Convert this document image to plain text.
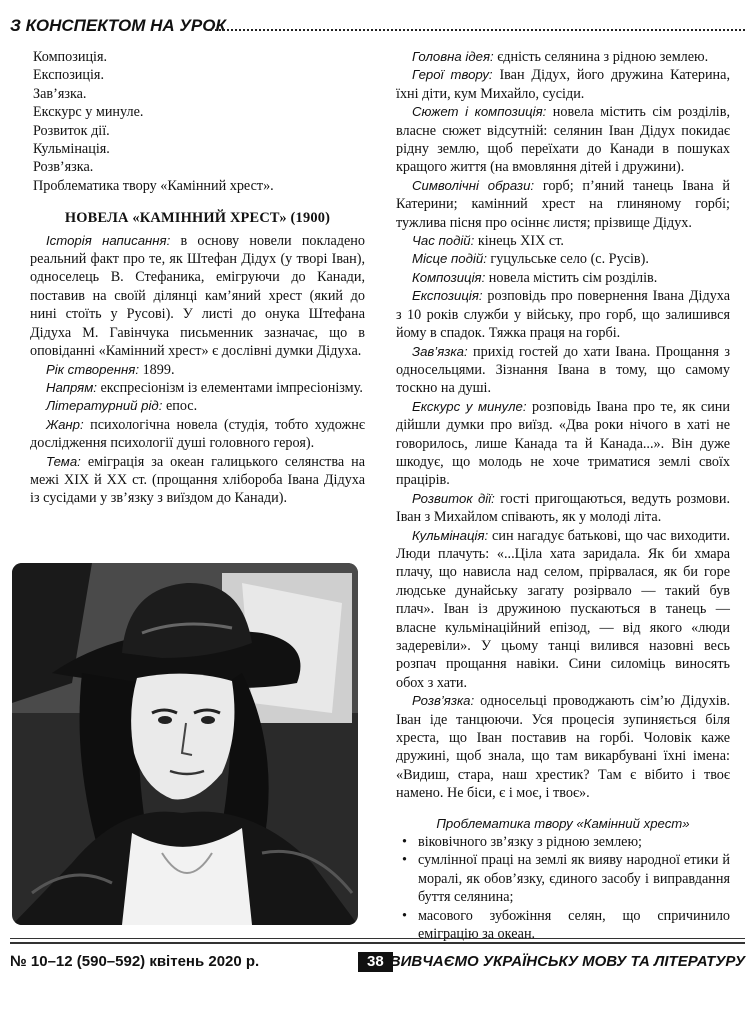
З КОНСПЕКТОМ НА УРОК

Композиція.

Експозиція.

Зав’язка.

Екскурс у минуле.

Розвиток дії.

Кульмінація.

Розв’язка.

Проблематика твору «Камінний хрест».

НОВЕЛА «КАМІННИЙ ХРЕСТ» (1900)

Історія написання: в основу новели покладено реальний факт про те, як Штефан Дідух (у творі Іван), односелець В. Стефаника, емігруючи до Канади, поставив на своїй ділянці кам’яний хрест (який до нині стоїть у Русові). У листі до онука Штефана Дідуха М. Гавінчука письменник зазначає, що в оповіданні «Камінний хрест» є дослівні думки Дідуха.

Рік створення: 1899.

Напрям: експресіонізм із елементами імпресіонізму.

Літературний рід: епос.

Жанр: психологічна новела (студія, тобто художнє дослідження психології душі головного героя).

Тема: еміграція за океан галицького селянства на межі XIX й XX ст. (прощання хлібороба Івана Дідуха із сусідами у зв’язку з виїздом до Канади).

Головна ідея: єдність селянина з рідною землею.

Герої твору: Іван Дідух, його дружина Катерина, їхні діти, кум Михайло, сусіди.

Сюжет і композиція: новела містить сім розділів, власне сюжет відсутній: селянин Іван Дідух покидає рідну землю, щоб переїхати до Канади в пошуках кращого життя (на вмовляння дітей і дружини).

Символічні образи: горб; п’яний танець Івана й Катерини; камінний хрест на глиняному горбі; тужлива пісня про осіннє листя; прізвище Дідух.

Час подій: кінець XIX ст.

Місце подій: гуцульське село (с. Русів).

Композиція: новела містить сім розділів.

Експозиція: розповідь про повернення Івана Дідуха з 10 років служби у війську, про горб, що залишився йому в спадок. Тяжка праця на горбі.

Зав’язка: прихід гостей до хати Івана. Прощання з односельцями. Зізнання Івана в тому, що самому тоскно на душі.

Екскурс у минуле: розповідь Івана про те, як сини дійшли думки про виїзд. «Два роки нічого в хаті не говорилось, лише Канада та й Канада...». Він дуже шкодує, що молодь не хоче триматися землі своїх працірів.

Розвиток дії: гості пригощаються, ведуть розмови. Іван з Михайлом співають, як у молоді літа.

Кульмінація: син нагадує батькові, що час виходити. Люди плачуть: «...Ціла хата заридала. Як би хмара плачу, що нависла над селом, прірвалася, як би горе людське дунайську загату розірвало — такий був плач». Іван із дружиною пускаються в танець — власне кульмінаційний епізод, — від якого «люди задеревіли». У цьому танці вилився назовні весь розпач прощання навіки. Сини силоміць виносять обох з хати.

Розв’язка: односельці проводжають сім’ю Дідухів. Іван іде танцюючи. Уся процесія зупиняється біля хреста, що Іван поставив на горбі. Чоловік каже дружині, щоб знала, що там викарбувані їхні імена: «Видиш, стара, наш хрестик? Там є вібито і твоє намено. Не біси, є і моє, і твоє».

Проблематика твору «Камінний хрест»

• віковічного зв’язку з рідною землею;
• сумлінної праці на землі як вияву народної етики й моралі, як обов’язку, єдиного засобу і виправдання буття селянина;
• масового зубожіння селян, що спричинило еміграцію за океан.
№ 10–12 (590–592) квітень 2020 р.	38 ВИВЧАЄМО УКРАЇНСЬКУ МОВУ ТА ЛІТЕРАТУРУ
